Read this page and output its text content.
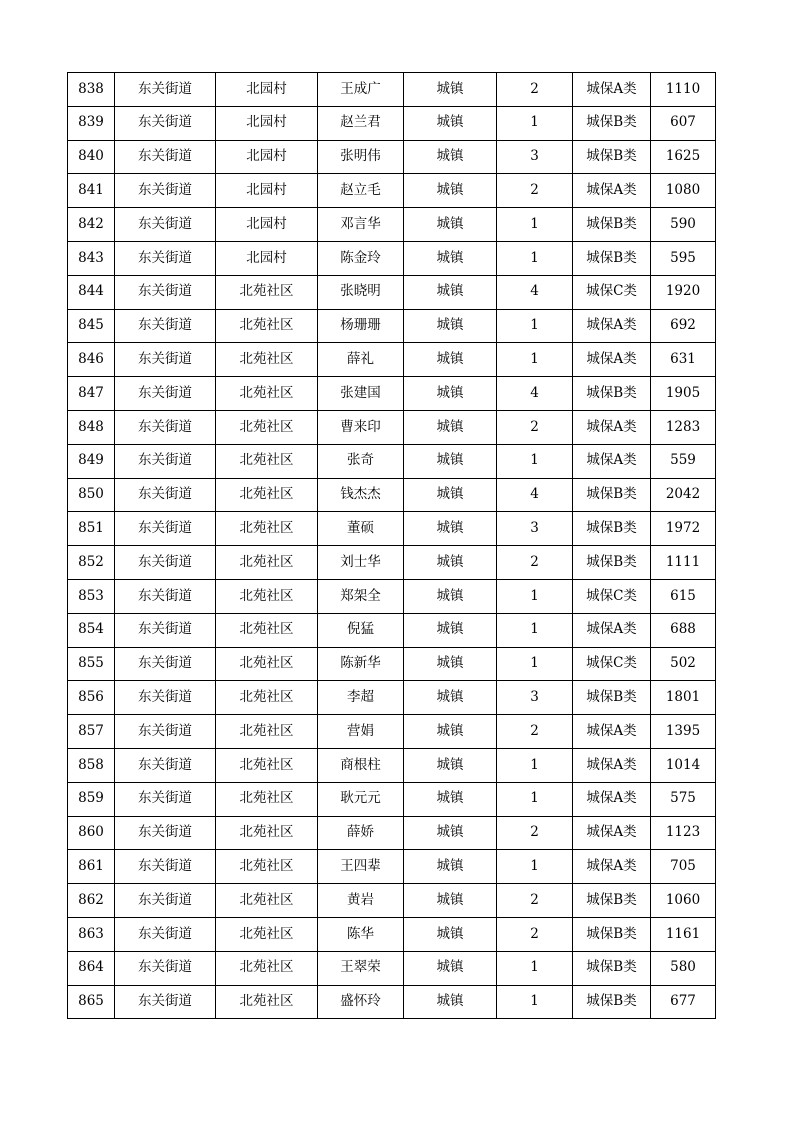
838	东关街道	北园村	王成广	城镇	2	城保A类	1110
839	东关街道	北园村	赵兰君	城镇	1	城保B类	607
840	东关街道	北园村	张明伟	城镇	3	城保B类	1625
841	东关街道	北园村	赵立毛	城镇	2	城保A类	1080
842	东关街道	北园村	邓言华	城镇	1	城保B类	590
843	东关街道	北园村	陈金玲	城镇	1	城保B类	595
844	东关街道	北苑社区	张晓明	城镇	4	城保C类	1920
845	东关街道	北苑社区	杨珊珊	城镇	1	城保A类	692
846	东关街道	北苑社区	薛礼	城镇	1	城保A类	631
847	东关街道	北苑社区	张建国	城镇	4	城保B类	1905
848	东关街道	北苑社区	曹来印	城镇	2	城保A类	1283
849	东关街道	北苑社区	张奇	城镇	1	城保A类	559
850	东关街道	北苑社区	钱杰杰	城镇	4	城保B类	2042
851	东关街道	北苑社区	董硕	城镇	3	城保B类	1972
852	东关街道	北苑社区	刘士华	城镇	2	城保B类	1111
853	东关街道	北苑社区	郑架全	城镇	1	城保C类	615
854	东关街道	北苑社区	倪猛	城镇	1	城保A类	688
855	东关街道	北苑社区	陈新华	城镇	1	城保C类	502
856	东关街道	北苑社区	李超	城镇	3	城保B类	1801
857	东关街道	北苑社区	营娟	城镇	2	城保A类	1395
858	东关街道	北苑社区	商根柱	城镇	1	城保A类	1014
859	东关街道	北苑社区	耿元元	城镇	1	城保A类	575
860	东关街道	北苑社区	薛娇	城镇	2	城保A类	1123
861	东关街道	北苑社区	王四辈	城镇	1	城保A类	705
862	东关街道	北苑社区	黄岩	城镇	2	城保B类	1060
863	东关街道	北苑社区	陈华	城镇	2	城保B类	1161
864	东关街道	北苑社区	王翠荣	城镇	1	城保B类	580
865	东关街道	北苑社区	盛怀玲	城镇	1	城保B类	677
